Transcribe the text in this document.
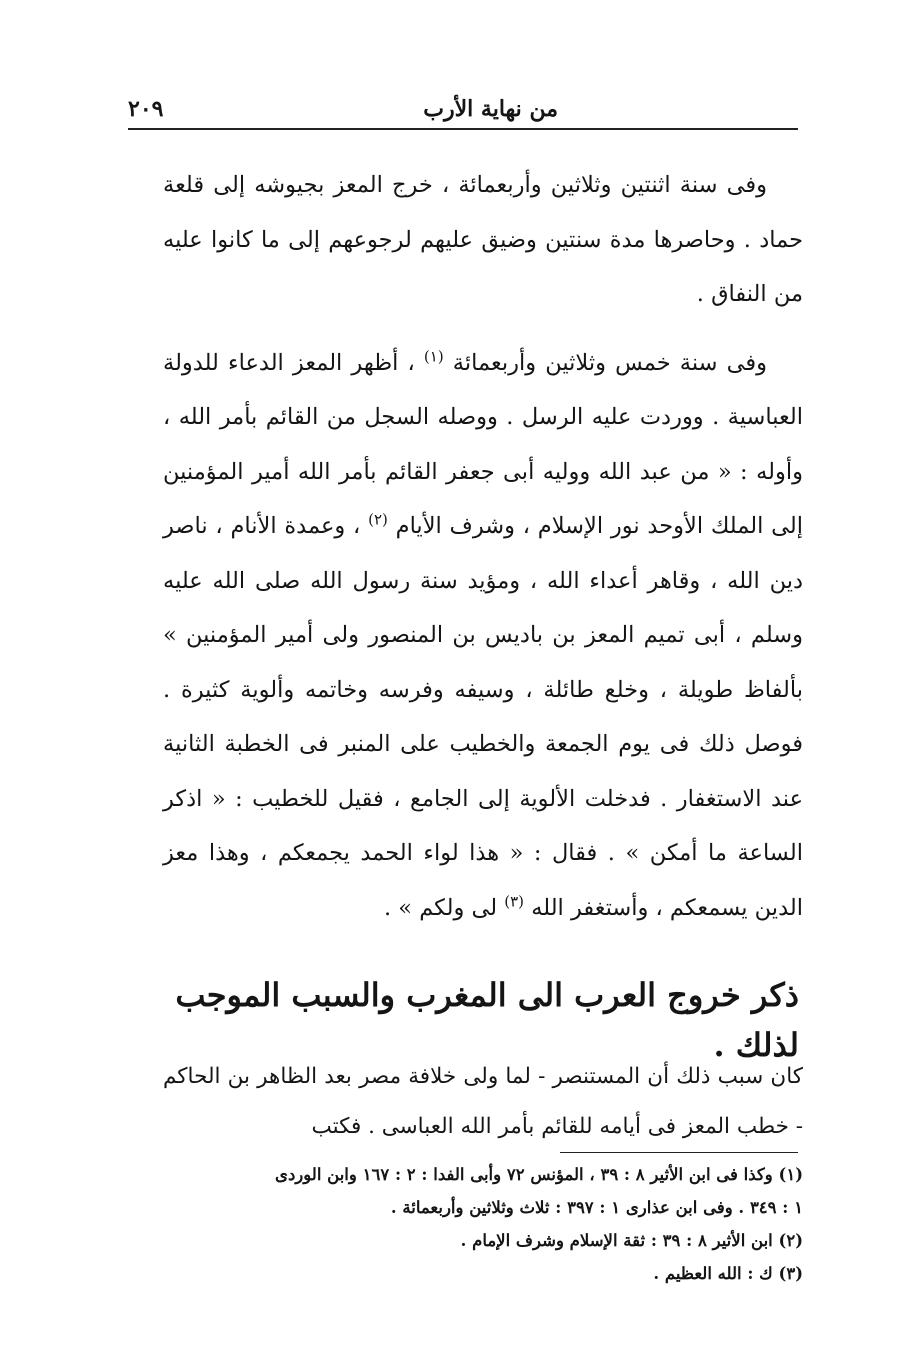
من نهاية الأرب
٢٠٩

وفى سنة اثنتين وثلاثين وأربعمائة ، خرج المعز بجيوشه إلى قلعة حماد . وحاصرها مدة سنتين وضيق عليهم لرجوعهم إلى ما كانوا عليه من النفاق .

وفى سنة خمس وثلاثين وأربعمائة $^{(١)}$ ، أظهر المعز الدعاء للدولة العباسية . ووردت عليه الرسل . ووصله السجل من القائم بأمر الله ، وأوله : « من عبد الله ووليه أبى جعفر القائم بأمر الله أمير المؤمنين إلى الملك الأوحد نور الإسلام ، وشرف الأيام $^{(٢)}$ ، وعمدة الأنام ، ناصر دين الله ، وقاهر أعداء الله ، ومؤيد سنة رسول الله صلى الله عليه وسلم ، أبى تميم المعز بن باديس بن المنصور ولى أمير المؤمنين » بألفاظ طويلة ، وخلع طائلة ، وسيفه وفرسه وخاتمه وألوية كثيرة . فوصل ذلك فى يوم الجمعة والخطيب على المنبر فى الخطبة الثانية عند الاستغفار . فدخلت الألوية إلى الجامع ، فقيل للخطيب : « اذكر الساعة ما أمكن » . فقال : « هذا لواء الحمد يجمعكم ، وهذا معز الدين يسمعكم ، وأستغفر الله $^{(٣)}$ لى ولكم » .

ذكر خروج العرب الى المغرب والسبب الموجب لذلك .
كان سبب ذلك أن المستنصر - لما ولى خلافة مصر بعد الظاهر بن الحاكم - خطب المعز فى أيامه للقائم بأمر الله العباسى . فكتب

(١) وكذا فى ابن الأثير ٨ : ٣٩ ، المؤنس ٧٢ وأبى الفدا : ٢ : ١٦٧ وابن الوردى

١ : ٣٤٩ . وفى ابن عذارى ١ : ٣٩٧ : ثلاث وثلاثين وأربعمائة .

(٢) ابن الأثير ٨ : ٣٩ : ثقة الإسلام وشرف الإمام .

(٣) ك : الله العظيم .
